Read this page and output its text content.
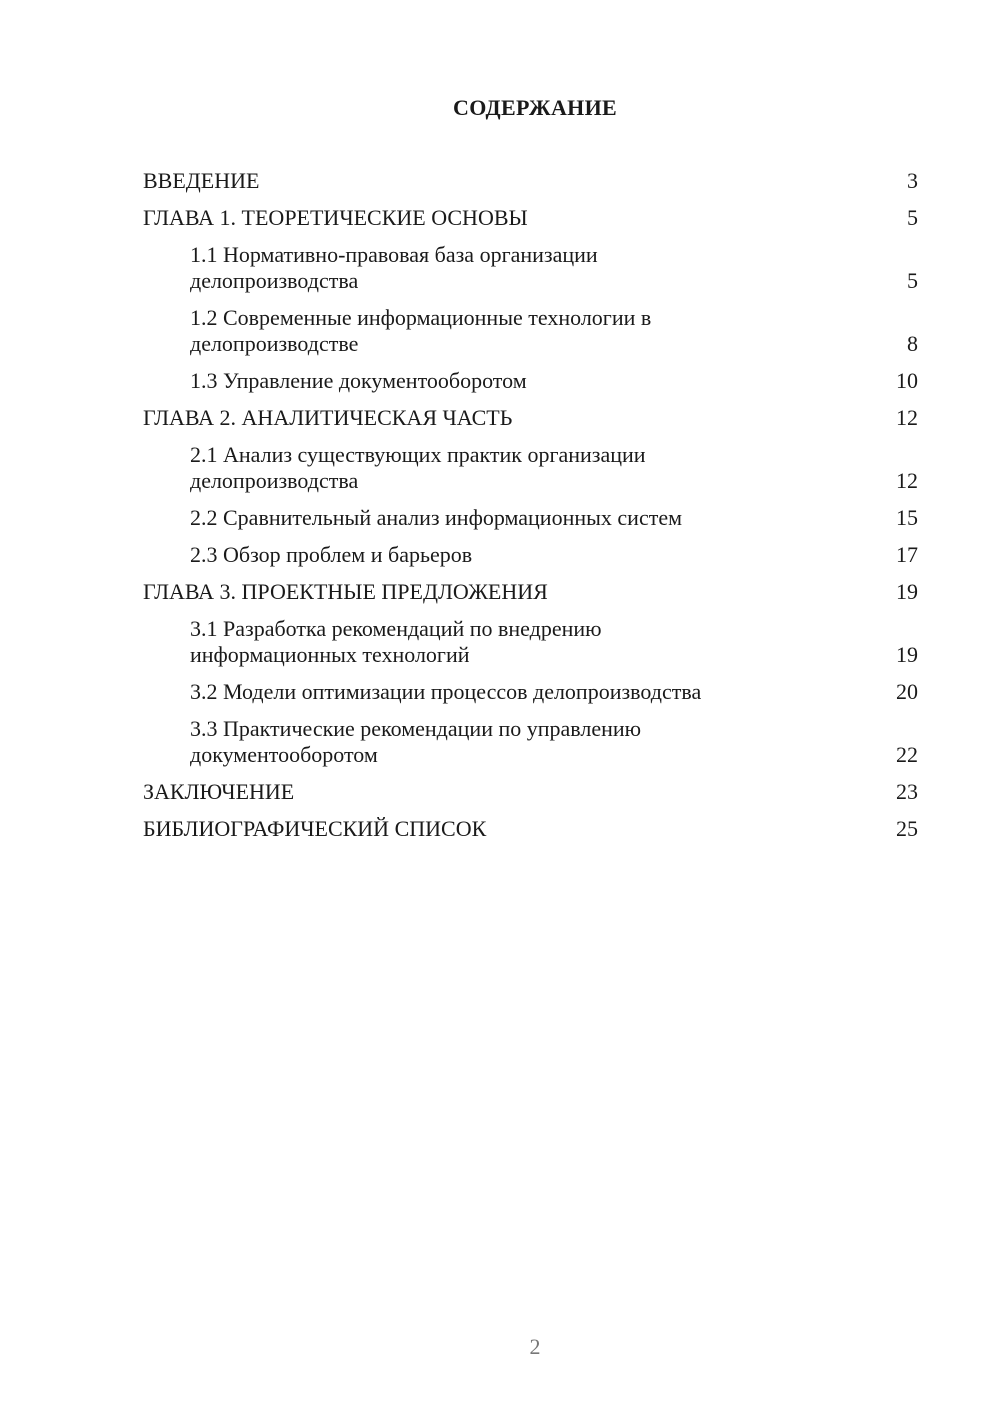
СОДЕРЖАНИЕ
ВВЕДЕНИЕ	3
ГЛАВА 1. ТЕОРЕТИЧЕСКИЕ ОСНОВЫ	5
1.1 Нормативно-правовая база организации делопроизводства	5
1.2 Современные информационные технологии в делопроизводстве	8
1.3 Управление документооборотом	10
ГЛАВА 2. АНАЛИТИЧЕСКАЯ ЧАСТЬ	12
2.1 Анализ существующих практик организации делопроизводства	12
2.2 Сравнительный анализ информационных систем	15
2.3 Обзор проблем и барьеров	17
ГЛАВА 3. ПРОЕКТНЫЕ ПРЕДЛОЖЕНИЯ	19
3.1 Разработка рекомендаций по внедрению информационных технологий	19
3.2 Модели оптимизации процессов делопроизводства	20
3.3 Практические рекомендации по управлению документооборотом	22
ЗАКЛЮЧЕНИЕ	23
БИБЛИОГРАФИЧЕСКИЙ СПИСОК	25
2
